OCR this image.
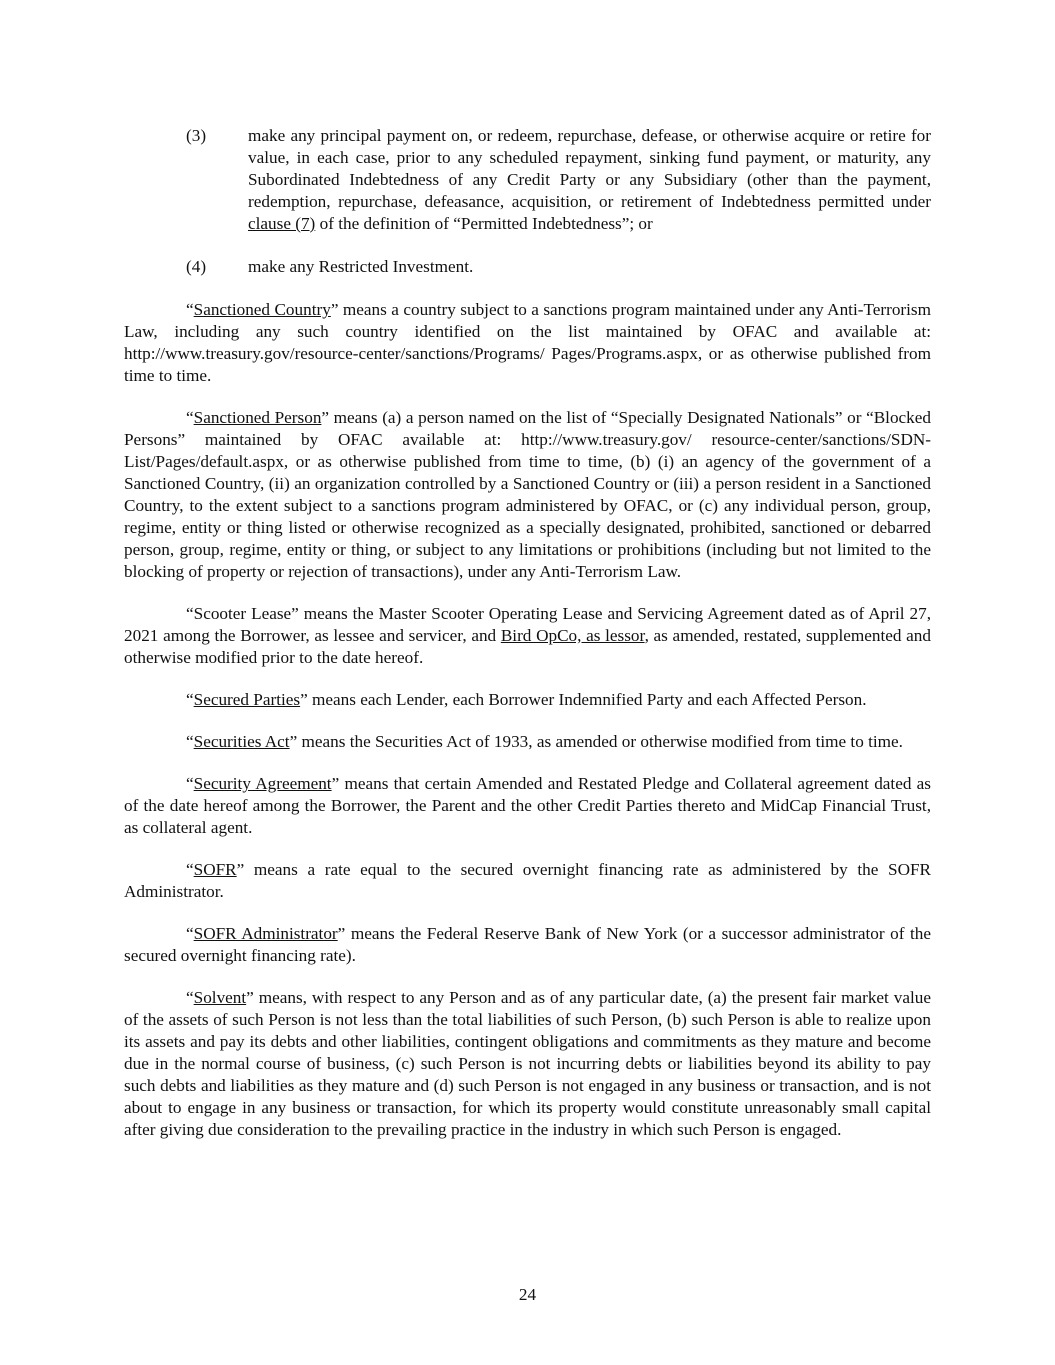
(3)	make any principal payment on, or redeem, repurchase, defease, or otherwise acquire or retire for value, in each case, prior to any scheduled repayment, sinking fund payment, or maturity, any Subordinated Indebtedness of any Credit Party or any Subsidiary (other than the payment, redemption, repurchase, defeasance, acquisition, or retirement of Indebtedness permitted under clause (7) of the definition of “Permitted Indebtedness”; or
(4)	make any Restricted Investment.

“Sanctioned Country” means a country subject to a sanctions program maintained under any Anti-Terrorism Law, including any such country identified on the list maintained by OFAC and available at: http://www.treasury.gov/resource-center/sanctions/Programs/ Pages/Programs.aspx, or as otherwise published from time to time.

“Sanctioned Person” means (a) a person named on the list of “Specially Designated Nationals” or “Blocked Persons” maintained by OFAC available at: http://www.treasury.gov/ resource-center/sanctions/SDN-List/Pages/default.aspx, or as otherwise published from time to time, (b) (i) an agency of the government of a Sanctioned Country, (ii) an organization controlled by a Sanctioned Country or (iii) a person resident in a Sanctioned Country, to the extent subject to a sanctions program administered by OFAC, or (c) any individual person, group, regime, entity or thing listed or otherwise recognized as a specially designated, prohibited, sanctioned or debarred person, group, regime, entity or thing, or subject to any limitations or prohibitions (including but not limited to the blocking of property or rejection of transactions), under any Anti-Terrorism Law.

“Scooter Lease” means the Master Scooter Operating Lease and Servicing Agreement dated as of April 27, 2021 among the Borrower, as lessee and servicer, and Bird OpCo, as lessor, as amended, restated, supplemented and otherwise modified prior to the date hereof.

“Secured Parties” means each Lender, each Borrower Indemnified Party and each Affected Person.

“Securities Act” means the Securities Act of 1933, as amended or otherwise modified from time to time.

“Security Agreement” means that certain Amended and Restated Pledge and Collateral agreement dated as of the date hereof among the Borrower, the Parent and the other Credit Parties thereto and MidCap Financial Trust, as collateral agent.

“SOFR” means a rate equal to the secured overnight financing rate as administered by the SOFR Administrator.

“SOFR Administrator” means the Federal Reserve Bank of New York (or a successor administrator of the secured overnight financing rate).

“Solvent” means, with respect to any Person and as of any particular date, (a) the present fair market value of the assets of such Person is not less than the total liabilities of such Person, (b) such Person is able to realize upon its assets and pay its debts and other liabilities, contingent obligations and commitments as they mature and become due in the normal course of business, (c) such Person is not incurring debts or liabilities beyond its ability to pay such debts and liabilities as they mature and (d) such Person is not engaged in any business or transaction, and is not about to engage in any business or transaction, for which its property would constitute unreasonably small capital after giving due consideration to the prevailing practice in the industry in which such Person is engaged.

24
